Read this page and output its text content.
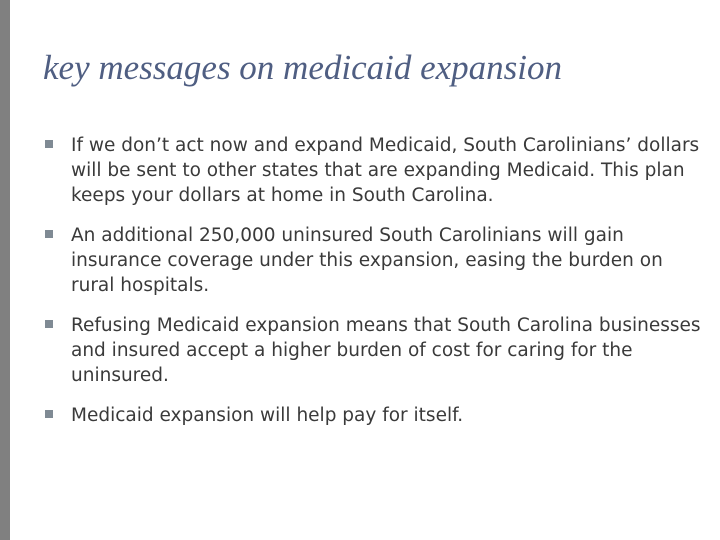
key messages on medicaid expansion
If we don’t act now and expand Medicaid, South Carolinians’ dollars will be sent to other states that are expanding Medicaid. This plan keeps your dollars at home in South Carolina.
An additional 250,000 uninsured South Carolinians will gain insurance coverage under this expansion, easing the burden on rural hospitals.
Refusing Medicaid expansion means that South Carolina businesses and insured accept a higher burden of cost for caring for the uninsured.
Medicaid expansion will help pay for itself.
